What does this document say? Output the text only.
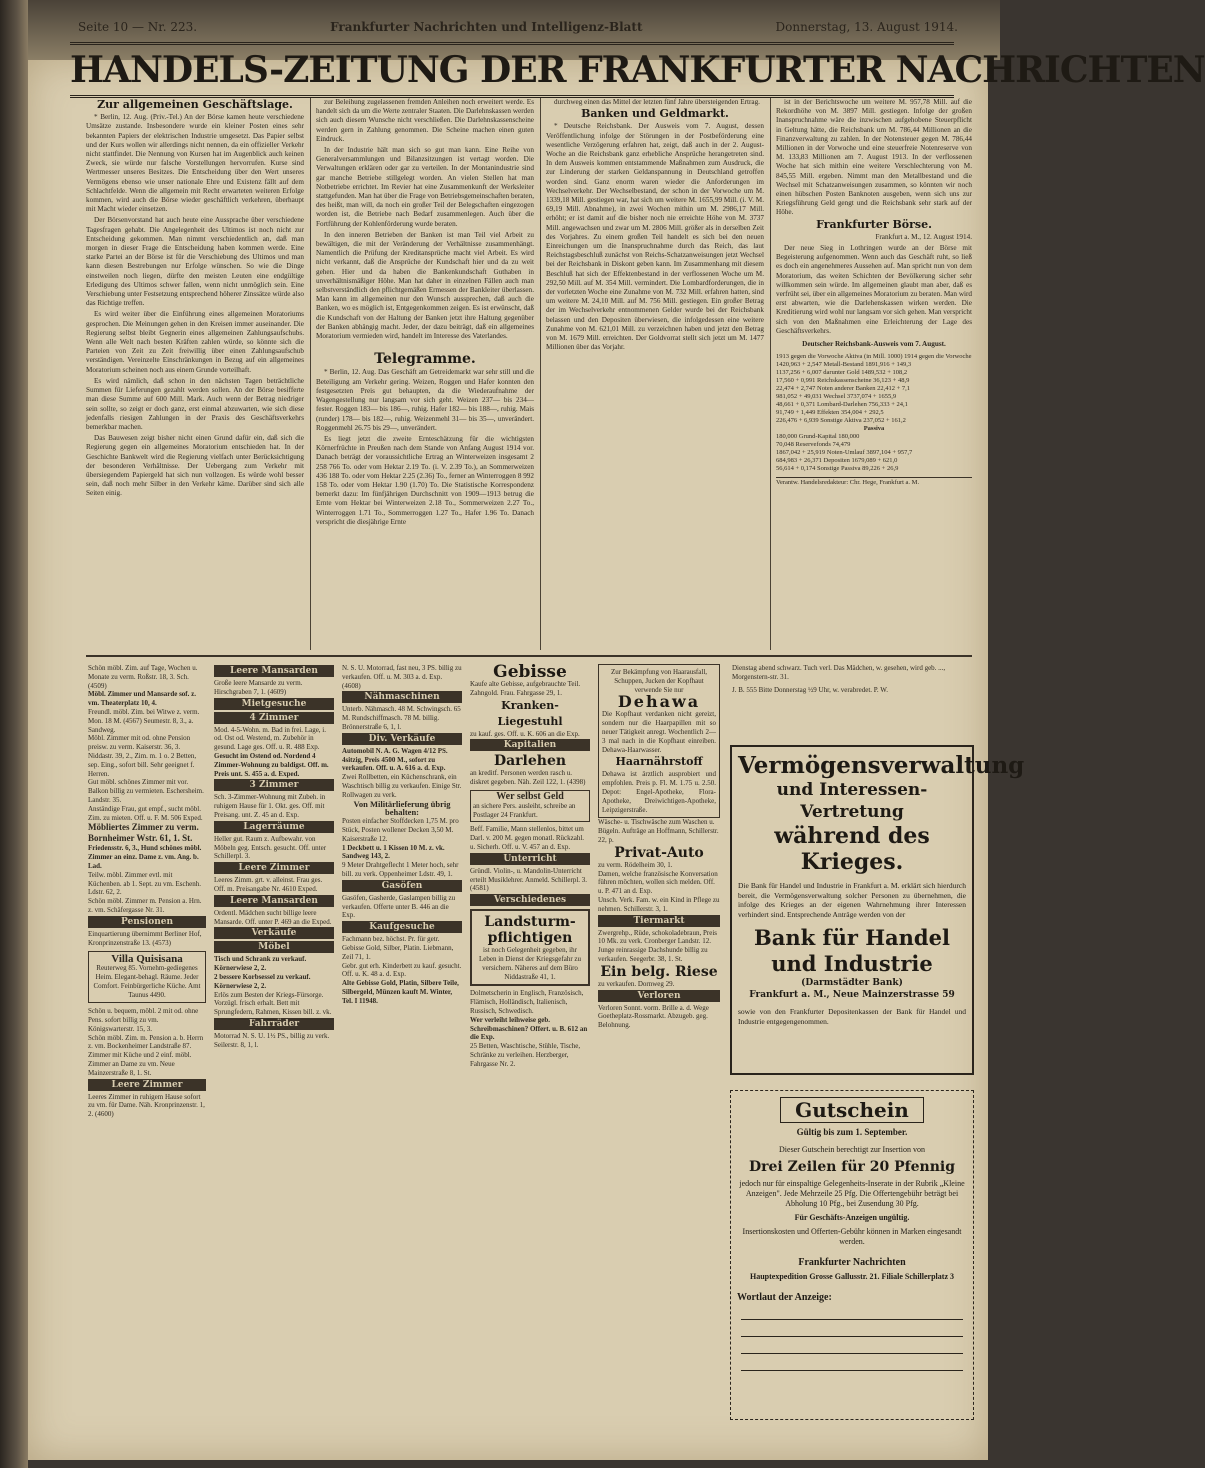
Seite 10 — Nr. 223.	Frankfurter Nachrichten und Intelligenz-Blatt	Donnerstag, 13. August 1914.
HANDELS-ZEITUNG DER FRANKFURTER NACHRICHTEN
Zur allgemeinen Geschäftslage.

* Berlin, 12. Aug. (Priv.-Tel.) An der Börse kamen heute verschiedene Umsätze zustande. Insbesondere wurde ein kleiner Posten eines sehr bekannten Papiers der elektrischen Industrie umgesetzt. Das Papier selbst und der Kurs wollen wir allerdings nicht nennen, da ein offizieller Verkehr nicht stattfindet. Die Nennung von Kursen hat im Augenblick auch keinen Zweck, sie würde nur falsche Vorstellungen hervorrufen. Kurse sind Wertmesser unseres Besitzes. Die Entscheidung über den Wert unseres Vermögens ebenso wie unser nationale Ehre und Existenz fällt auf dem Schlachtfelde. Wenn die allgemein mit Recht erwarteten weiteren Erfolge kommen, wird auch die Börse wieder geschäftlich verkehren, überhaupt mit Macht wieder einsetzen.

Der Börsenvorstand hat auch heute eine Aussprache über verschiedene Tagesfragen gehabt. Die Angelegenheit des Ultimos ist noch nicht zur Entscheidung gekommen. Man nimmt verschiedentlich an, daß man morgen in dieser Frage die Entscheidung haben kommen werde. Eine starke Partei an der Börse ist für die Verschiebung des Ultimos und man kann diesen Bestrebungen nur Erfolge wünschen. So wie die Dinge einstweilen noch liegen, dürfte den meisten Leuten eine endgültige Erledigung des Ultimos schwer fallen, wenn nicht unmöglich sein. Eine Verschiebung unter Festsetzung entsprechend höherer Zinssätze würde also das Richtige treffen.

Es wird weiter über die Einführung eines allgemeinen Moratoriums gesprochen. Die Meinungen gehen in den Kreisen immer auseinander. Die Regierung selbst bleibt Gegnerin eines allgemeinen Zahlungsaufschubs. Wenn alle Welt nach besten Kräften zahlen würde, so könnte sich die Parteien von Zeit zu Zeit freiwillig über einen Zahlungsaufschub verständigen. Vereinzelte Einschränkungen in Bezug auf ein allgemeines Moratorium scheinen noch aus einem Grunde vorteilhaft.

Es wird nämlich, daß schon in den nächsten Tagen beträchtliche Summen für Lieferungen gezahlt werden sollen. An der Börse besifferte man diese Summe auf 600 Mill. Mark. Auch wenn der Betrag niedriger sein sollte, so zeigt er doch ganz, erst einmal abzuwarten, wie sich diese jedenfalls riesigen Zahlungen in der Praxis des Geschäftsverkehrs bemerkbar machen.

Das Bauwesen zeigt bisher nicht einen Grund dafür ein, daß sich die Regierung gegen ein allgemeines Moratorium entschieden hat. In der Geschichte Bankwelt wird die Regierung vielfach unter Berücksichtigung der besonderen Verhältnisse. Der Uebergang zum Verkehr mit übersiegendem Papiergeld hat sich nun vollzogen. Es würde wohl besser sein, daß noch mehr Silber in den Verkehr käme. Darüber sind sich alle Seiten einig.

zur Beleihung zugelassenen fremden Anleihen noch erweitert werde. Es handelt sich da um die Werte zentraler Staaten. Die Darlehnskassen werden sich auch diesem Wunsche nicht verschließen. Die Darlehnskassenscheine werden gern in Zahlung genommen. Die Scheine machen einen guten Eindruck.

In der Industrie hält man sich so gut man kann. Eine Reihe von Generalversammlungen und Bilanzsitzungen ist vertagt worden. Die Verwaltungen erklären oder gar zu verteilen. In der Montanindustrie sind gar manche Betriebe stillgelegt worden. An vielen Stellen hat man Notbetriebe errichtet. Im Revier hat eine Zusammenkunft der Werksleiter stattgefunden. Man hat über die Frage von Betriebsgemeinschaften beraten, des heißt, man will, da noch ein großer Teil der Belegschaften eingezogen worden ist, die Betriebe nach Bedarf zusammenlegen. Auch über die Fortführung der Kohlenförderung wurde beraten.

In den inneren Betrieben der Banken ist man Teil viel Arbeit zu bewältigen, die mit der Veränderung der Verhältnisse zusammenhängt. Namentlich die Prüfung der Kreditansprüche macht viel Arbeit. Es wird nicht verkannt, daß die Ansprüche der Kundschaft hier und da zu weit gehen. Hier und da haben die Bankenkundschaft Guthaben in unverhältnismäßiger Höhe. Man hat daher in einzelnen Fällen auch man selbstverständlich den pflichtgemäßen Ermessen der Bankleiter überlassen. Man kann im allgemeinen nur den Wunsch aussprechen, daß auch die Banken, wo es möglich ist, Entgegenkommen zeigen. Es ist erwünscht, daß die Kundschaft von der Haltung der Banken jetzt ihre Haltung gegenüber der Banken abhängig macht. Jeder, der dazu beiträgt, daß ein allgemeines Moratorium vermieden wird, handelt im Interesse des Vaterlandes.

Telegramme.

* Berlin, 12. Aug. Das Geschäft am Getreidemarkt war sehr still und die Beteiligung am Verkehr gering. Weizen, Roggen und Hafer konnten den festgesetzten Preis gut behaupten, da die Wiederaufnahme der Wagengestellung nur langsam vor sich geht. Weizen 237— bis 234— fester. Roggen 183— bis 186—, ruhig. Hafer 182— bis 188—, ruhig. Mais (runder) 178— bis 182—, ruhig. Weizenmehl 31— bis 35—, unverändert. Roggenmehl 26.75 bis 29—, unverändert.

Es liegt jetzt die zweite Ernteschätzung für die wichtigsten Körnerfrüchte in Preußen nach dem Stande von Anfang August 1914 vor. Danach beträgt der voraussichtliche Ertrag an Winterweizen insgesamt 2 258 766 To. oder vom Hektar 2.19 To. (i. V. 2.39 To.), an Sommerweizen 436 188 To. oder vom Hektar 2.25 (2.36) To., ferner an Winterroggen 8 992 158 To. oder vom Hektar 1.90 (1.70) To. Die Statistische Korrespondenz bemerkt dazu: Im fünfjährigen Durchschnitt von 1909—1913 betrug die Ernte vom Hektar bei Winterweizen 2.18 To., Sommerweizen 2.27 To., Winterroggen 1.71 To., Sommerroggen 1.27 To., Hafer 1.96 To. Danach verspricht die diesjährige Ernte

durchweg einen das Mittel der letzten fünf Jahre übersteigenden Ertrag.

Banken und Geldmarkt.

* Deutsche Reichsbank. Der Ausweis vom 7. August, dessen Veröffentlichung infolge der Störungen in der Postbeförderung eine wesentliche Verzögerung erfahren hat, zeigt, daß auch in der 2. August-Woche an die Reichsbank ganz erhebliche Ansprüche herangetreten sind. In dem Ausweis kommen entstammende Maßnahmen zum Ausdruck, die zur Linderung der starken Geldanspannung in Deutschland getroffen worden sind. Ganz enorm waren wieder die Anforderungen im Wechselverkehr. Der Wechselbestand, der schon in der Vorwoche um M. 1339,18 Mill. gestiegen war, hat sich um weitere M. 1655,99 Mill. (i. V. M. 69,19 Mill. Abnahme), in zwei Wochen mithin um M. 2986,17 Mill. erhöht; er ist damit auf die bisher noch nie erreichte Höhe von M. 3737 Mill. angewachsen und zwar um M. 2806 Mill. größer als in derselben Zeit des Vorjahres. Zu einem großen Teil handelt es sich bei den neuen Einreichungen um die Inanspruchnahme durch das Reich, das laut Reichstagsbeschluß zunächst von Reichs-Schatzanweisungen jetzt Wechsel bei der Reichsbank in Diskont geben kann. Im Zusammenhang mit diesem Beschluß hat sich der Effektenbestand in der verflossenen Woche um M. 292,50 Mill. auf M. 354 Mill. vermindert. Die Lombardforderungen, die in der vorletzten Woche eine Zunahme von M. 732 Mill. erfahren hatten, sind um weitere M. 24,10 Mill. auf M. 756 Mill. gestiegen. Ein großer Betrag der im Wechselverkehr entnommenen Gelder wurde bei der Reichsbank belassen und den Depositen überwiesen, die infolgedessen eine weitere Zunahme von M. 621,01 Mill. zu verzeichnen haben und jetzt den Betrag von M. 1679 Mill. erreichten. Der Goldvorrat stellt sich jetzt um M. 1477 Millionen über das Vorjahr.

ist in der Berichtswoche um weitere M. 957,78 Mill. auf die Rekordhöhe von M. 3897 Mill. gestiegen. Infolge der großen Inanspruchnahme wäre die inzwischen aufgehobene Steuerpflicht in Geltung hätte, die Reichsbank um M. 786,44 Millionen an die Finanzverwaltung zu zahlen. In der Notensteuer gegen M. 786,44 Millionen in der Vorwoche und eine steuerfreie Notenreserve von M. 133,83 Millionen am 7. August 1913. In der verflossenen Woche hat sich mithin eine weitere Verschlechterung von M. 845,55 Mill. ergeben. Nimmt man den Metallbestand und die Wechsel mit Schatzanweisungen zusammen, so könnten wir noch einen hübschen Posten Banknoten ausgeben, wenn sich uns zur Kriegsführung Geld gengt und die Reichsbank sehr stark auf der Höhe.

Frankfurter Börse.

Frankfurt a. M., 12. August 1914.

Der neue Sieg in Lothringen wurde an der Börse mit Begeisterung aufgenommen. Wenn auch das Geschäft ruht, so ließ es doch ein angenehmeres Aussehen auf. Man spricht nun von dem Moratorium, das weiten Schichten der Bevölkerung sicher sehr willkommen sein würde. Im allgemeinen glaubt man aber, daß es verfrüht sei, über ein allgemeines Moratorium zu beraten. Man wird erst abwarten, wie die Darlehenskassen wirken werden. Die Kreditierung wird wohl nur langsam vor sich gehen. Man verspricht sich von den Maßnahmen eine Erleichterung der Lage des Geschäftsverkehrs.

Deutscher Reichsbank-Ausweis vom 7. August.
1913 gegen die Vorwoche Aktiva (in Mill. 1000) 1914 gegen die Vorwoche
1420,963 + 2,547 Metall-Bestand 1891,916 + 149,3
1137,256 + 6,007 darunter Gold 1489,532 + 108,2
17,560 + 0,991 Reichskassenscheine 36,123 + 48,9
22,474 + 2,747 Noten anderer Banken 22,412 + 7,1
981,052 + 49,031 Wechsel 3737,074 + 1655,9
48,661 + 0,371 Lombard-Darlehen 756,333 + 24,1
91,749 + 1,449 Effekten 354,004 + 292,5
226,476 + 6,939 Sonstige Aktiva 237,052 + 161,2
Passiva
180,000 Grund-Kapital 180,000
70,048 Reservefonds 74,479
1867,042 + 25,919 Noten-Umlauf 3897,104 + 957,7
684,983 + 26,371 Depositen 1679,089 + 621,0
56,614 + 0,174 Sonstige Passiva 89,226 + 26,9
Verantw. Handelsredakteur: Chr. Hege, Frankfurt a. M.
Schön möbl. Zim. auf Tage, Wochen u. Monate zu verm. Roßstr. 18, 3. Sch. (4509)
Möbl. Zimmer und Mansarde sof. z. vm. Theaterplatz 10, 4.
Freundl. möbl. Zim. bei Witwe z. verm. Mon. 18 M. (4567) Seumestr. 8, 3., a. Sandweg.
Möbl. Zimmer mit od. ohne Pension preisw. zu verm. Kaiserstr. 36, 3.
Niddastr. 39, 2., Zim. m. 1 o. 2 Betten, sep. Eing., sofort bill. Sehr geeignet f. Herren.
Gut möbl. schönes Zimmer mit vor. Balkon billig zu vermieten. Eschersheim. Landstr. 35.
Anständige Frau, gut empf., sucht möbl. Zim. zu mieten. Off. u. F. M. 506 Exped.
Möbliertes Zimmer zu verm. Bornheimer Wstr. 61, 1. St.
Friedensstr. 6, 3., Hund schönes möbl. Zimmer an einz. Dame z. vm. Ang. b. Lad.
Teilw. möbl. Zimmer evtl. mit Küchenben. ab 1. Sept. zu vm. Eschenh. Ldstr. 62, 2.
Schön möbl. Zimmer m. Pension a. Hrn. z. vm. Schäfergasse Nr. 31.
Pensionen
Einquartierung übernimmt Berliner Hof, Kronprinzenstraße 13. (4573)
Villa Quisisana
Reuterweg 85. Vornehm-gediegenes Heim. Elegant-behagl. Räume. Jeder Comfort. Feinbürgerliche Küche. Amt Taunus 4490.
Schön u. bequem, möbl. 2 mit od. ohne Pens. sofort billig zu vm. Königswarterstr. 15, 3.
Schön möbl. Zim. m. Pension a. b. Herrn z. vm. Bockenheimer Landstraße 87.
Zimmer mit Küche und 2 einf. möbl. Zimmer an Dame zu vm. Neue Mainzerstraße 8, 1. St.
Leere Zimmer
Leeres Zimmer in ruhigem Hause sofort zu vm. für Dame. Näh. Kronprinzenstr. 1, 2. (4600)
Leere Mansarden
Große leere Mansarde zu verm. Hirschgraben 7, 1. (4609)
Mietgesuche
4 Zimmer
Mod. 4-5-Wohn. m. Bad in frei. Lage, i. od. Ost od. Westend, m. Zubehör in gesund. Lage ges. Off. u. R. 488 Exp.
Gesucht im Ostend od. Nordend 4 Zimmer-Wohnung zu baldigst. Off. m. Preis unt. S. 455 a. d. Exped.
3 Zimmer
Sch. 3-Zimmer-Wohnung mit Zubeh. in ruhigem Hause für 1. Okt. ges. Off. mit Preisang. unt. Z. 45 an d. Exp.
Lagerräume
Heller gut. Raum z. Aufbewahr. von Möbeln geg. Entsch. gesucht. Off. unter Schillerpl. 3.
Leere Zimmer
Leeres Zimm. grt. v. alleinst. Frau ges. Off. m. Preisangabe Nr. 4610 Exped.
Leere Mansarden
Ordentl. Mädchen sucht billige leere Mansarde. Off. unter P. 469 an die Exped.
Verkäufe
Möbel
Tisch und Schrank zu verkauf. Körnerwiese 2, 2.
2 bessere Korbsessel zu verkauf. Körnerwiese 2, 2.
Erlös zum Besten der Kriegs-Fürsorge. Vorzügl. frisch erhalt. Bett mit Sprungfedern, Rahmen, Kissen bill. z. vk.
Fahrräder
Motorrad N. S. U. 1½ PS., billig zu verk. Seilerstr. 8, 1, l.
N. S. U. Motorrad, fast neu, 3 PS. billig zu verkaufen. Off. u. M. 303 a. d. Exp. (4608)
Nähmaschinen
Unterb. Nähmasch. 48 M. Schwingsch. 65 M. Rundschiffmasch. 78 M. billig. Brönnerstraße 6, 1, l.
Div. Verkäufe
Automobil N. A. G. Wagen 4/12 PS. 4sitzig, Preis 4500 M., sofort zu verkaufen. Off. u. A. 616 a. d. Exp.
Zwei Rollbetten, ein Küchenschrank, ein Waschtisch billig zu verkaufen. Einige Str. Rollwagen zu verk.
Von Militärlieferung übrig behalten:
Posten einfacher Stoffdecken 1,75 M. pro Stück, Posten wollener Decken 3,50 M. Kaiserstraße 12.
1 Deckbett u. 1 Kissen 10 M. z. vk. Sandweg 143, 2.
9 Meter Drahtgeflecht 1 Meter hoch, sehr bill. zu verk. Oppenheimer Ldstr. 49, 1.
Gasöfen
Gasöfen, Gasherde, Gaslampen billig zu verkaufen. Offerte unter B. 446 an die Exp.
Kaufgesuche
Fachmann bez. höchst. Pr. für getr. Gebisse Gold, Silber, Platin. Liebmann, Zeil 71, 1.
Gebr. gut erh. Kinderbett zu kauf. gesucht. Off. u. K. 48 a. d. Exp.
Alte Gebisse Gold, Platin, Silbere Teile, Silbergeld, Münzen kauft M. Winter, Tel. I 11948.
Gebisse
Kaufe alte Gebisse, aufgebrauchte Teil. Zahngold. Frau. Fahrgasse 29, 1.
Kranken-Liegestuhl
zu kauf. ges. Off. u. K. 606 an die Exp.
Kapitalien
Darlehen
an kreditf. Personen werden rasch u. diskret gegeben. Näh. Zeil 122, 1. (4398)
Wer selbst Geld
an sichere Pers. ausleiht, schreibe an Postlager 24 Frankfurt.
Beff. Familie, Mann stellenlos, bittet um Darl. v. 200 M. gegen monatl. Rückzahl. u. Sicherh. Off. u. V. 457 an d. Exp.
Unterricht
Gründl. Violin-, u. Mandolin-Unterricht erteilt Musiklehrer. Anmeld. Schillerpl. 3. (4581)
Verschiedenes
Landsturm-pflichtigen
ist noch Gelegenheit gegeben, ihr Leben in Dienst der Kriegsgefahr zu versichern. Näheres auf dem Büro Niddastraße 41, 1.
Dolmetscherin in Englisch, Französisch, Flämisch, Holländisch, Italienisch, Russisch, Schwedisch.
Wer verleiht leihweise geb. Schreibmaschinen? Offert. u. B. 612 an die Exp.
25 Betten, Waschtische, Stühle, Tische, Schränke zu verleihen. Herzberger, Fahrgasse Nr. 2.
Zur Bekämpfung von Haarausfall, Schuppen, Jucken der Kopfhaut verwende Sie nur
Dehawa
Die Kopfhaut verdanken nicht gereizt, sondern nur die Haarpapillen mit so neuer Tätigkeit anregt. Wochentlich 2—3 mal nach in die Kopfhaut einreiben. Dehawa-Haarwasser.
Haarnährstoff
Dehawa ist ärztlich ausprobiert und empfohlen. Preis p. Fl. M. 1.75 u. 2.50. Depot: Engel-Apotheke, Flora-Apotheke, Dreiwichtigen-Apotheke, Leipzigerstraße.
Wäsche- u. Tischwäsche zum Waschen u. Bügeln. Aufträge an Hoffmann, Schillerstr. 22, p.
Privat-Auto
zu verm. Rödelheim 30, 1.
Damen, welche französische Konversation führen möchten, wollen sich melden. Off. u. P. 471 an d. Exp.
Unsch. Verk. Fam. w. ein Kind in Pflege zu nehmen. Schillerstr. 3, 1.
Tiermarkt
Zwergrehp., Rüde, schokoladebraun, Preis 10 Mk. zu verk. Cronberger Landstr. 12.
Junge reinrassige Dachshunde billig zu verkaufen. Seegerbr. 38, 1. St.
Ein belg. Riese
zu verkaufen. Dornweg 29.
Verloren
Verloren Sonnt. vorm. Brille a. d. Wege Goetheplatz-Rossmarkt. Abzugeb. geg. Belohnung.
Dienstag abend schwarz. Tuch verl. Das Mädchen, w. gesehen, wird geb. ..., Morgenstern-str. 31.
J. B. 555 Bitte Donnerstag ½9 Uhr, w. verabredet. P. W.
Vermögensverwaltung
und Interessen-Vertretung
während des Krieges.
Die Bank für Handel und Industrie in Frankfurt a. M. erklärt sich hierdurch bereit, die Vermögensverwaltung solcher Personen zu übernehmen, die infolge des Krieges an der eigenen Wahrnehmung ihrer Interessen verhindert sind. Entsprechende Anträge werden von der
Bank für Handel und Industrie
(Darmstädter Bank)
Frankfurt a. M., Neue Mainzerstrasse 59
sowie von den Frankfurter Depositenkassen der Bank für Handel und Industrie entgegengenommen.
Gutschein
Gültig bis zum 1. September.
Dieser Gutschein berechtigt zur Insertion von
Drei Zeilen für 20 Pfennig
jedoch nur für einspaltige Gelegenheits-Inserate in der Rubrik „Kleine Anzeigen". Jede Mehrzeile 25 Pfg. Die Offertengebühr beträgt bei Abholung 10 Pfg., bei Zusendung 30 Pfg.
Für Geschäfts-Anzeigen ungültig.
Insertionskosten und Offerten-Gebühr können in Marken eingesandt werden.
Frankfurter Nachrichten
Hauptexpedition Grosse Gallusstr. 21. Filiale Schillerplatz 3
Wortlaut der Anzeige:
